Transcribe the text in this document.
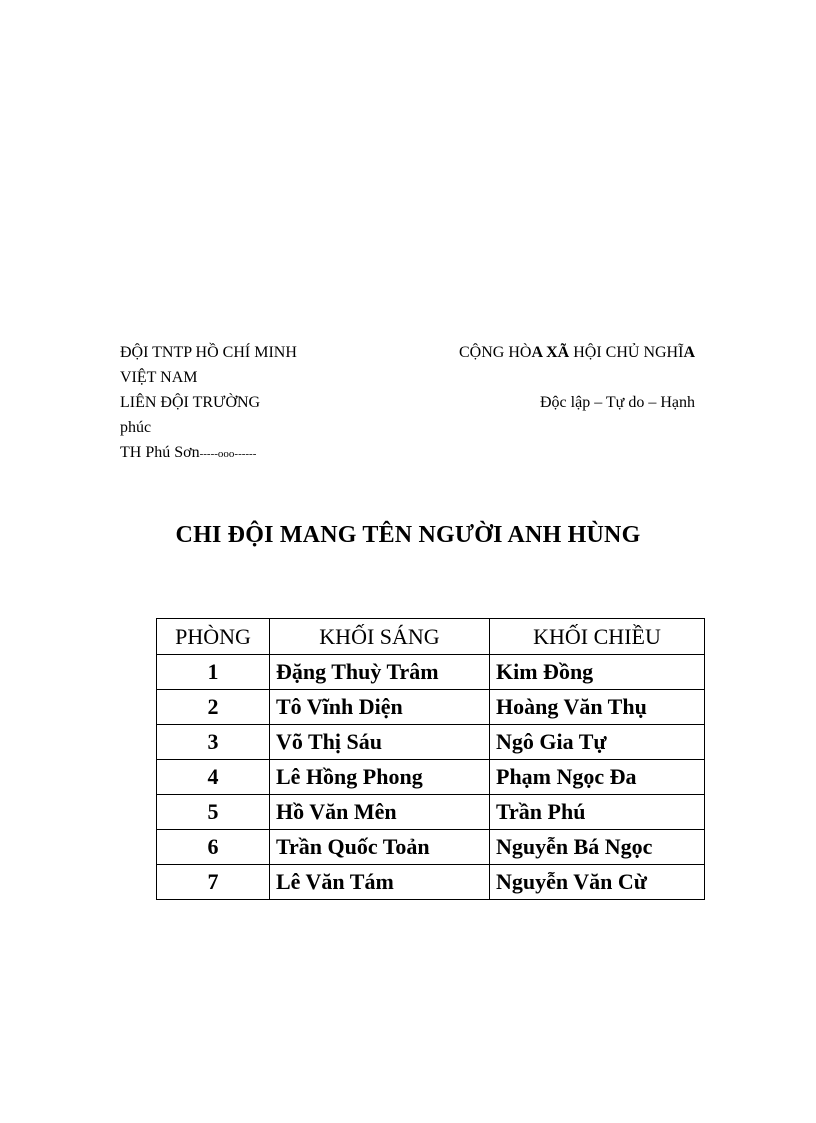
ĐỘI TNTP HỒ CHÍ MINH	CỘNG HÒA XÃ HỘI CHỦ NGHĨA
VIỆT NAM
LIÊN ĐỘI TRƯỜNG	Độc lập – Tự do – Hạnh
phúc
TH Phú Sơn-----ooo------
CHI ĐỘI MANG TÊN NGƯỜI ANH HÙNG
PHÒNG	KHỐI SÁNG	KHỐI CHIỀU
1	Đặng Thuỳ Trâm	Kim Đồng
2	Tô Vĩnh Diện	Hoàng Văn Thụ
3	Võ Thị Sáu	Ngô Gia Tự
4	Lê Hồng Phong	Phạm Ngọc Đa
5	Hồ Văn Mên	Trần Phú
6	Trần Quốc Toản	Nguyễn Bá Ngọc
7	Lê Văn Tám	Nguyễn Văn Cừ
